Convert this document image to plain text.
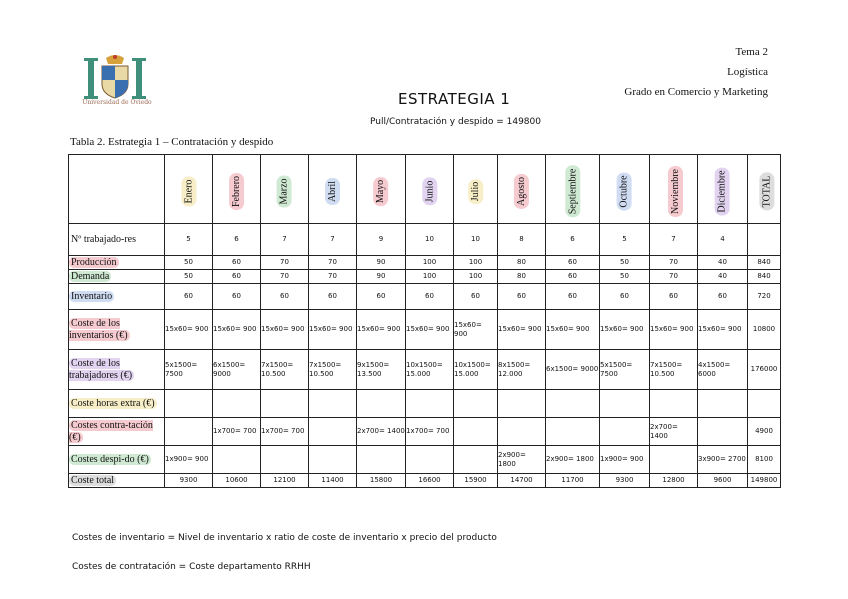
Universidad de Oviedo
Tema 2
Logística
Grado en Comercio y Marketing
ESTRATEGIA 1
Pull/Contratación y despido = 149800
Tabla 2. Estrategia 1 – Contratación y despido
	Enero	Febrero	Marzo	Abril	Mayo	Junio	Julio	Agosto	Septiembre	Octubre	Noviembre	Diciembre	TOTAL
Nº trabajado-res	5	6	7	7	9	10	10	8	6	5	7	4	
Producción	50	60	70	70	90	100	100	80	60	50	70	40	840
Demanda	50	60	70	70	90	100	100	80	60	50	70	40	840
Inventario	60	60	60	60	60	60	60	60	60	60	60	60	720
Coste de los inventarios (€)	15x60= 900	15x60= 900	15x60= 900	15x60= 900	15x60= 900	15x60= 900	15x60= 900	15x60= 900	15x60= 900	15x60= 900	15x60= 900	15x60= 900	10800
Coste de los trabajadores (€)	5x1500= 7500	6x1500= 9000	7x1500= 10.500	7x1500= 10.500	9x1500= 13.500	10x1500= 15.000	10x1500= 15.000	8x1500= 12.000	6x1500= 9000	5x1500= 7500	7x1500= 10.500	4x1500= 6000	176000
Coste horas extra (€)													
Costes contra-tación (€)		1x700= 700	1x700= 700		2x700= 1400	1x700= 700					2x700= 1400		4900
Costes despi-do (€)	1x900= 900							2x900= 1800	2x900= 1800	1x900= 900		3x900= 2700	8100
Coste total	9300	10600	12100	11400	15800	16600	15900	14700	11700	9300	12800	9600	149800
Costes de inventario = Nivel de inventario x ratio de coste de inventario x precio del producto
Costes de contratación = Coste departamento RRHH
